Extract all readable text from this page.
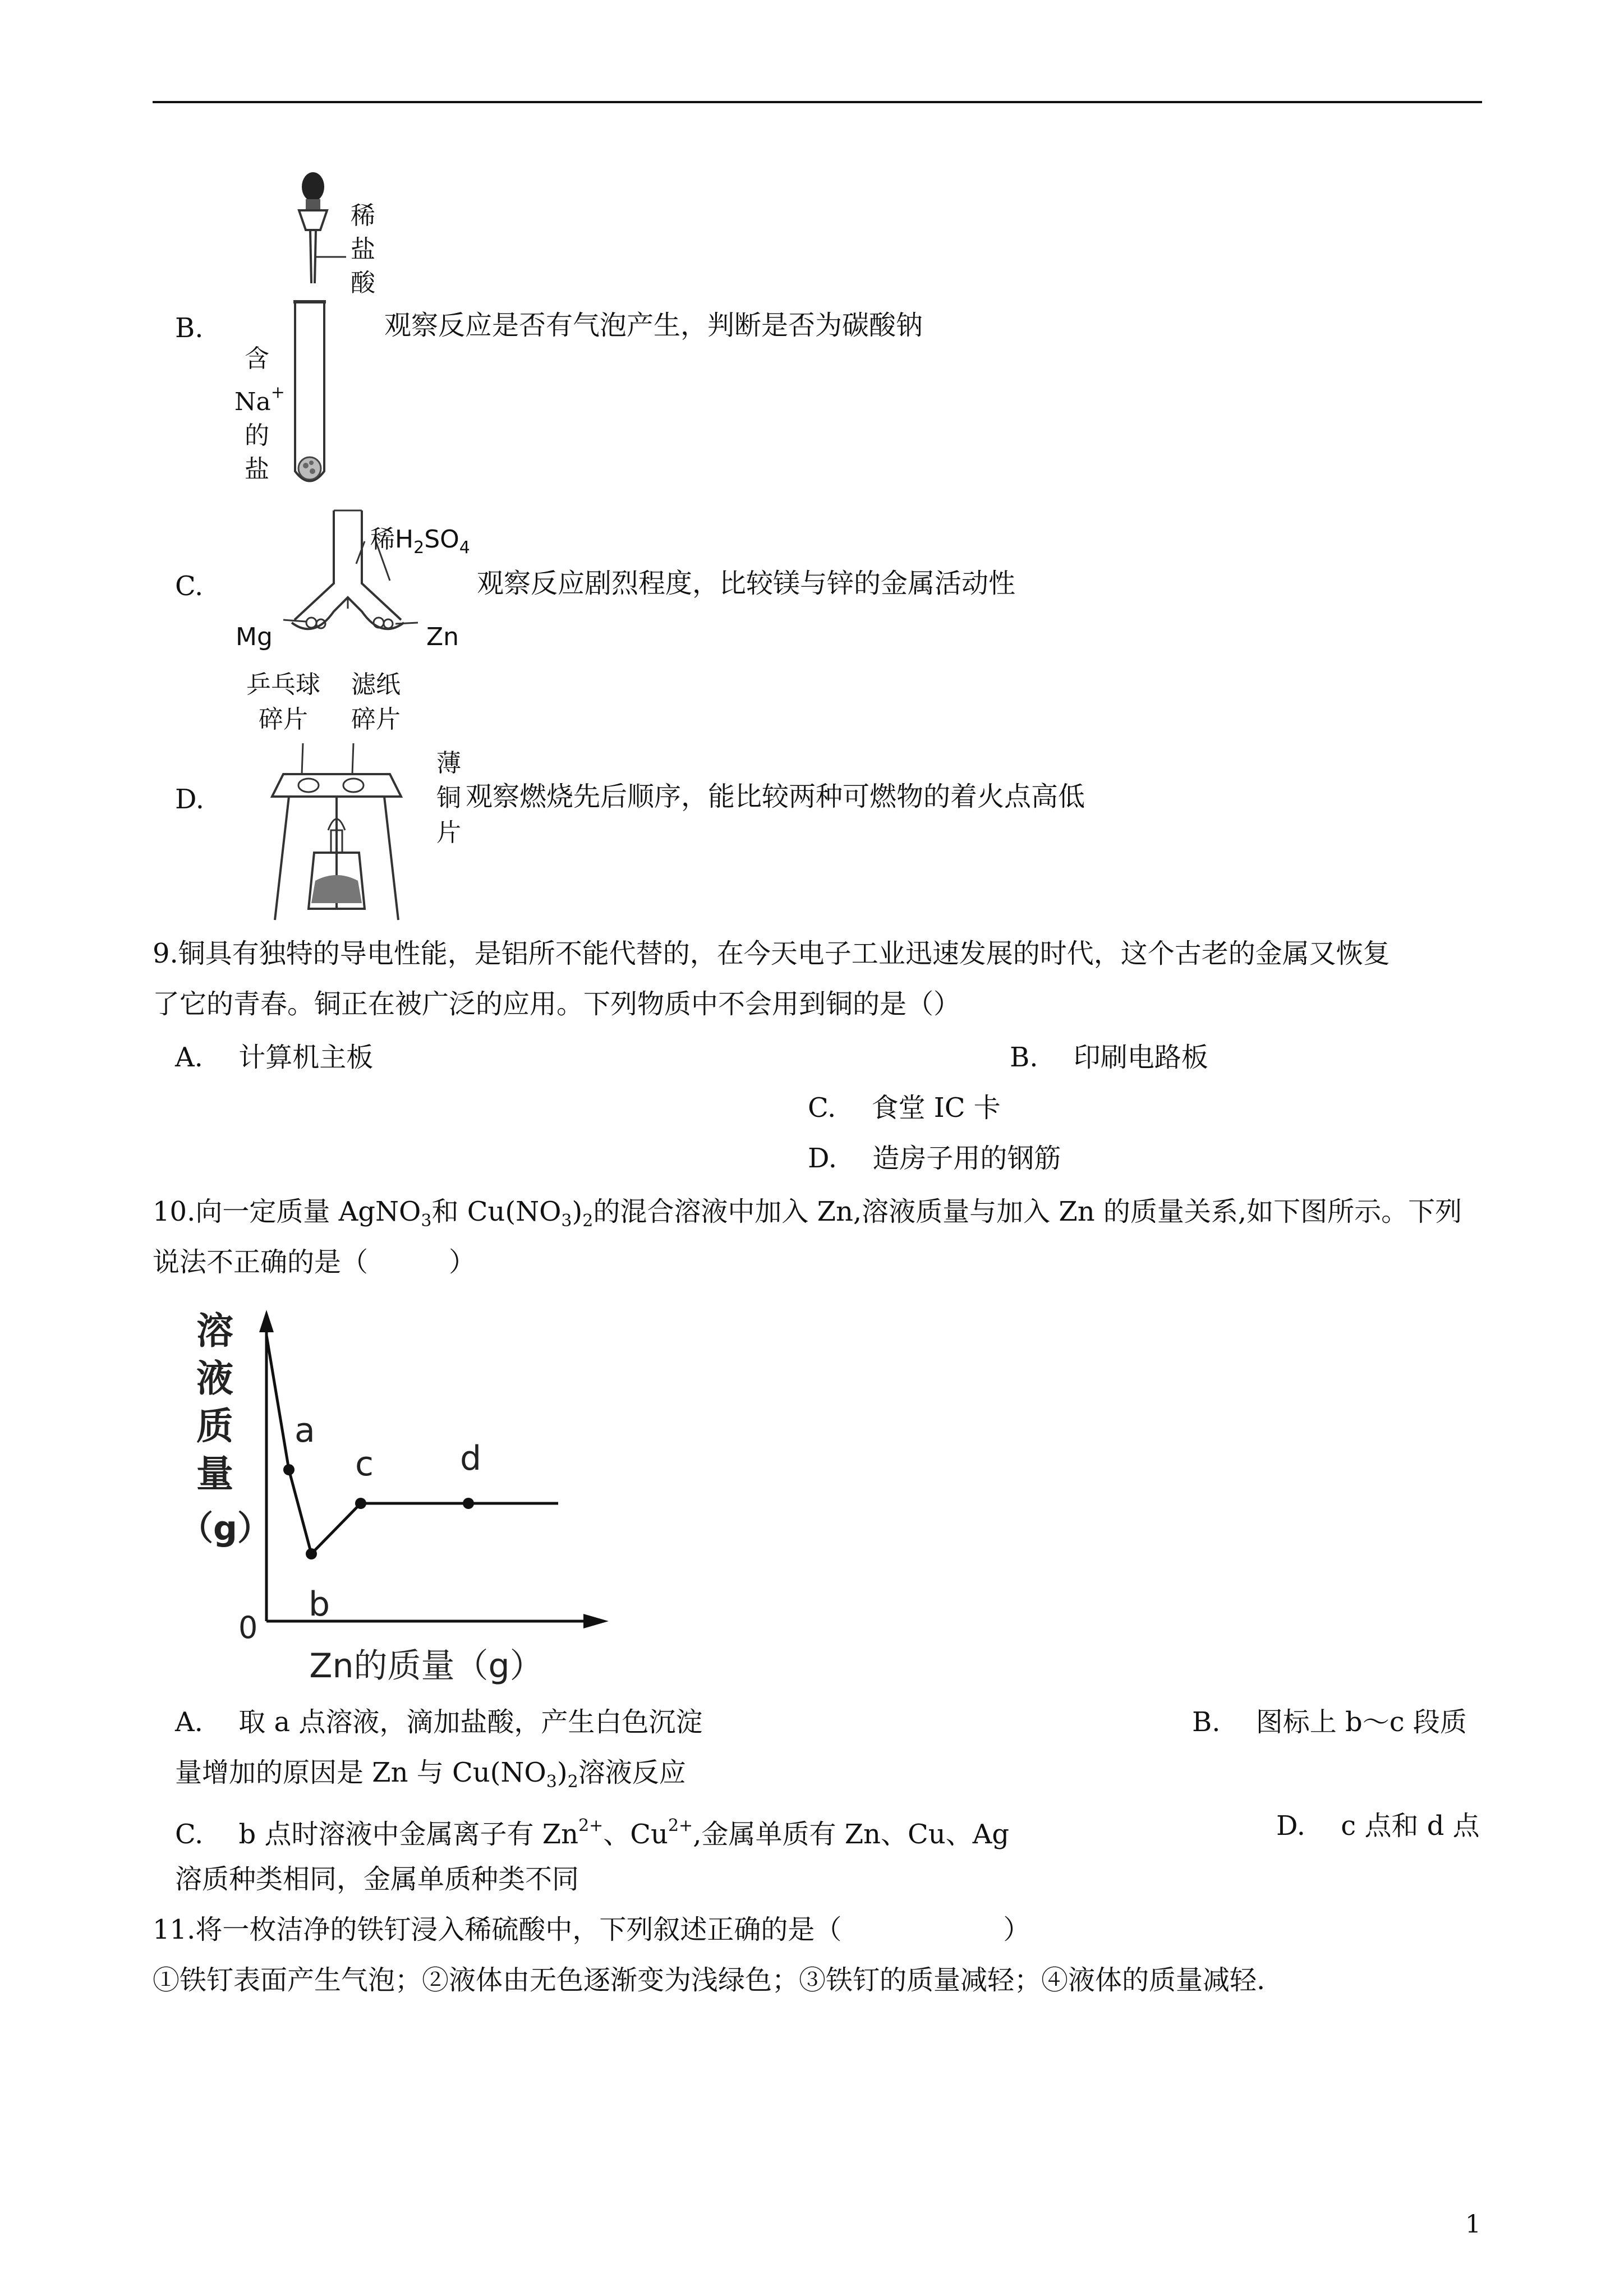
B.
稀盐酸
含
Na+
的
盐
观察反应是否有气泡产生，判断是否为碳酸钠
C.
稀$H_2SO_4$
Mg	Zn
观察反应剧烈程度，比较镁与锌的金属活动性
D.
乒乓球
碎片
滤纸
碎片
薄铜片
观察燃烧先后顺序，能比较两种可燃物的着火点高低
9.铜具有独特的导电性能，是铝所不能代替的，在今天电子工业迅速发展的时代，这个古老的金属又恢复
了它的青春。铜正在被广泛的应用。下列物质中不会用到铜的是（）
A.　 计算机主板	B.　 印刷电路板
C.　 食堂 IC 卡
D.　 造房子用的钢筋
10.向一定质量 AgNO$_3$和 $Cu(NO_3)_2$的混合溶液中加入 Zn,溶液质量与加入 Zn 的质量关系,如下图所示。下列
说法不正确的是（　　　）
溶
液
质
量
（g）
0
Zn的质量（g）
a
b
c	d
A.　 取 a 点溶液，滴加盐酸，产生白色沉淀	B.　 图标上 b～c 段质
量增加的原因是 Zn 与 $Cu(NO_3)_2$溶液反应
C.　 b 点时溶液中金属离子有 $Zn^{2+}$、$Cu^{2+}$,金属单质有 Zn、Cu、Ag	D.　 c 点和 d 点
溶质种类相同，金属单质种类不同
11.将一枚洁净的铁钉浸入稀硫酸中，下列叙述正确的是（　　　　　　）
①铁钉表面产生气泡；②液体由无色逐渐变为浅绿色；③铁钉的质量减轻；④液体的质量减轻.
1
